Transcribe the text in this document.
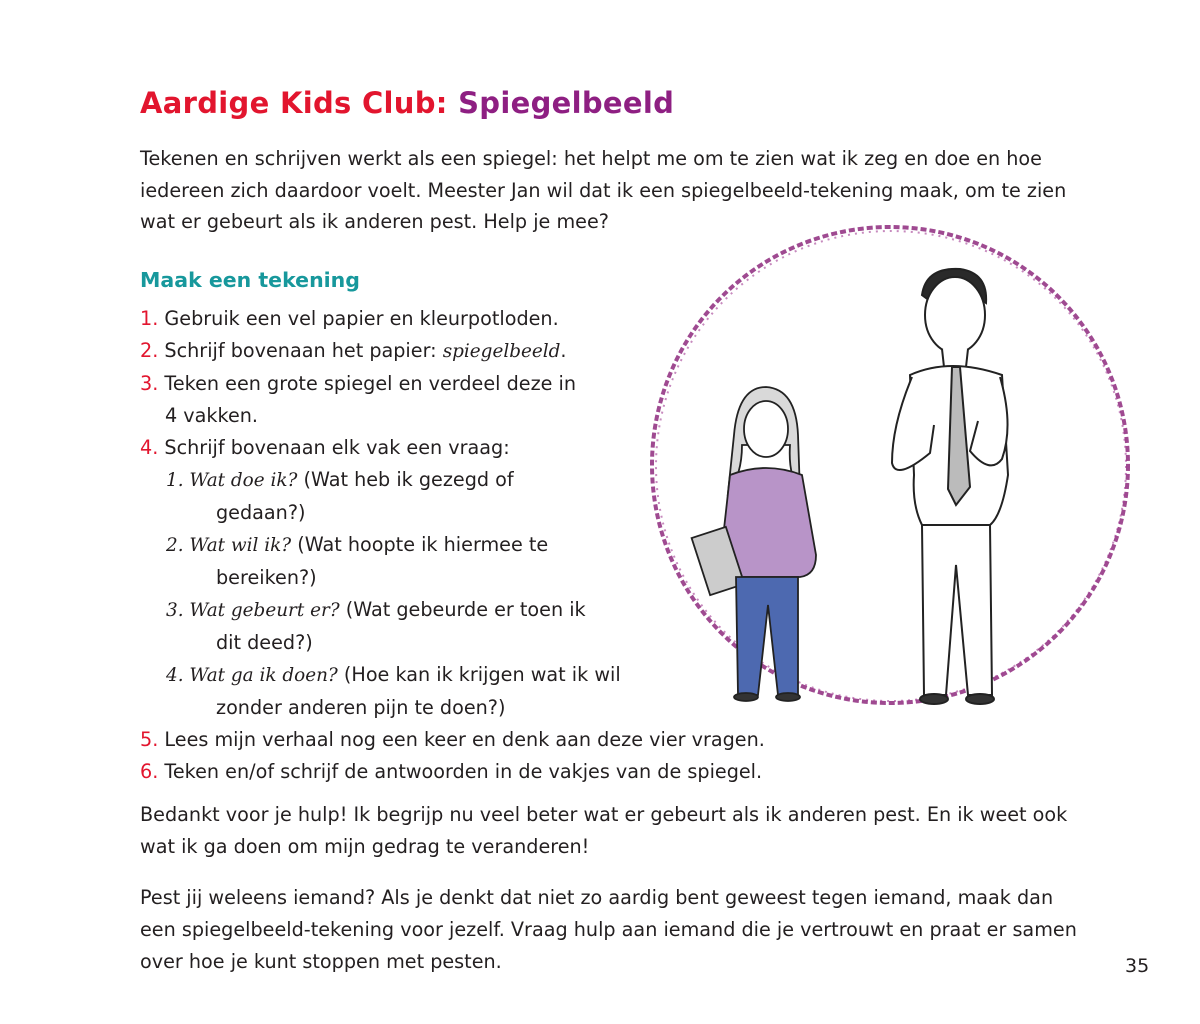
Aardige Kids Club: Spiegelbeeld

Tekenen en schrijven werkt als een spiegel: het helpt me om te zien wat ik zeg en doe en hoe
iedereen zich daardoor voelt. Meester Jan wil dat ik een spiegelbeeld-tekening maak, om te zien
wat er gebeurt als ik anderen pest. Help je mee?

Maak een tekening
1. Gebruik een vel papier en kleurpotloden.
2. Schrijf bovenaan het papier: spiegelbeeld.
3. Teken een grote spiegel en verdeel deze in
4 vakken.
4. Schrijf bovenaan elk vak een vraag:
1. Wat doe ik? (Wat heb ik gezegd of
gedaan?)
2. Wat wil ik? (Wat hoopte ik hiermee te
bereiken?)
3. Wat gebeurt er? (Wat gebeurde er toen ik
dit deed?)
4. Wat ga ik doen? (Hoe kan ik krijgen wat ik wil
zonder anderen pijn te doen?)
5. Lees mijn verhaal nog een keer en denk aan deze vier vragen.
6. Teken en/of schrijf de antwoorden in de vakjes van de spiegel.

Bedankt voor je hulp! Ik begrijp nu veel beter wat er gebeurt als ik anderen pest. En ik weet ook
wat ik ga doen om mijn gedrag te veranderen!

Pest jij weleens iemand? Als je denkt dat niet zo aardig bent geweest tegen iemand, maak dan
een spiegelbeeld-tekening voor jezelf. Vraag hulp aan iemand die je vertrouwt en praat er samen
over hoe je kunt stoppen met pesten.	35
